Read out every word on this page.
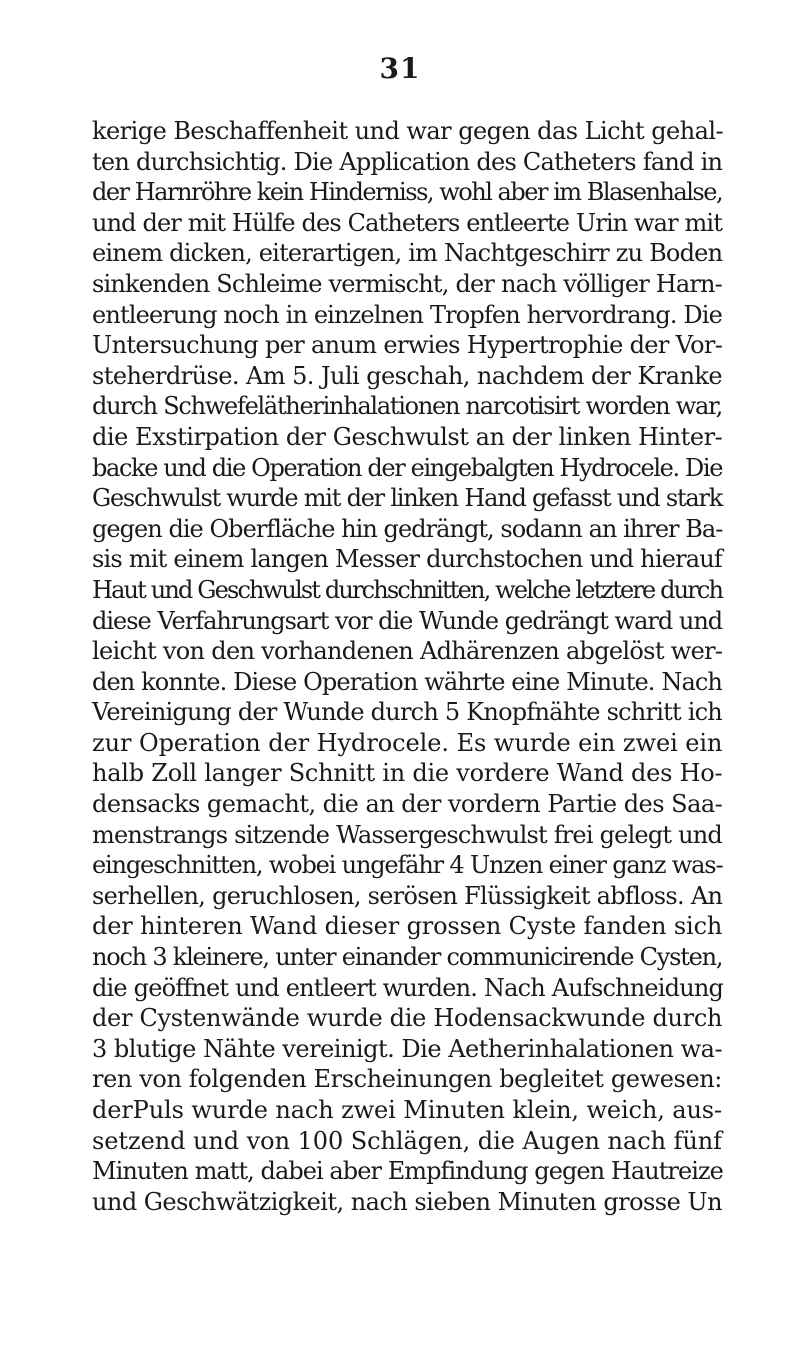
31
kerige Beschaffenheit und war gegen das Licht gehal-
ten durchsichtig. Die Application des Catheters fand in
der Harnröhre kein Hinderniss, wohl aber im Blasenhalse,
und der mit Hülfe des Catheters entleerte Urin war mit
einem dicken, eiterartigen, im Nachtgeschirr zu Boden
sinkenden Schleime vermischt, der nach völliger Harn-
entleerung noch in einzelnen Tropfen hervordrang. Die
Untersuchung per anum erwies Hypertrophie der Vor-
steherdrüse. Am 5. Juli geschah, nachdem der Kranke
durch Schwefelätherinhalationen narcotisirt worden war,
die Exstirpation der Geschwulst an der linken Hinter-
backe und die Operation der eingebalgten Hydrocele. Die
Geschwulst wurde mit der linken Hand gefasst und stark
gegen die Oberfläche hin gedrängt, sodann an ihrer Ba-
sis mit einem langen Messer durchstochen und hierauf
Haut und Geschwulst durchschnitten, welche letztere durch
diese Verfahrungsart vor die Wunde gedrängt ward und
leicht von den vorhandenen Adhärenzen abgelöst wer-
den konnte. Diese Operation währte eine Minute. Nach
Vereinigung der Wunde durch 5 Knopfnähte schritt ich
zur Operation der Hydrocele. Es wurde ein zwei ein
halb Zoll langer Schnitt in die vordere Wand des Ho-
densacks gemacht, die an der vordern Partie des Saa-
menstrangs sitzende Wassergeschwulst frei gelegt und
eingeschnitten, wobei ungefähr 4 Unzen einer ganz was-
serhellen, geruchlosen, serösen Flüssigkeit abfloss. An
der hinteren Wand dieser grossen Cyste fanden sich
noch 3 kleinere, unter einander communicirende Cysten,
die geöffnet und entleert wurden. Nach Aufschneidung
der Cystenwände wurde die Hodensackwunde durch
3 blutige Nähte vereinigt. Die Aetherinhalationen wa-
ren von folgenden Erscheinungen begleitet gewesen:
derPuls wurde nach zwei Minuten klein, weich, aus-
setzend und von 100 Schlägen, die Augen nach fünf
Minuten matt, dabei aber Empfindung gegen Hautreize
und Geschwätzigkeit, nach sieben Minuten grosse Un
